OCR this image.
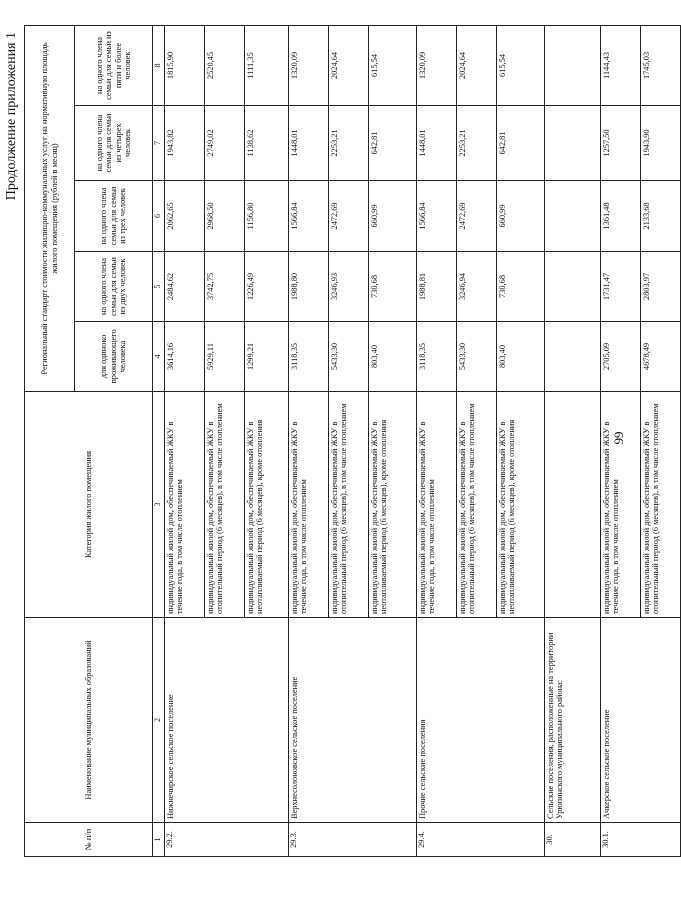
99
Продолжение приложения 1
№ п/п	Наименование муниципальных образований	Категория жилого помещения	Региональный стандарт стоимости жилищно-коммунальных услуг на нормативную площадь жилого помещения (рублей в месяц)				
			для одиноко проживающего человека	на одного члена семьи для семьи из двух человек	на одного члена семьи для семьи из трех человек	на одного члена семьи для семьи из четырех человек	на одного члена семьи для семьи из пяти и более человек
1	2	3	4	5	6	7	8
29.2.	Нижнечирское сельское поселение	индивидуальный жилой дом, обеспечиваемый ЖКУ в течение года, в том числе отоплением	3614,16	2484,62	2062,65	1943,82	1815,90
		индивидуальный жилой дом, обеспечиваемый ЖКУ в отопительный период (6 месяцев), в том числе отоплением	5929,11	3742,75	2968,50	2749,02	2520,45
		индивидуальный жилой дом, обеспечиваемый ЖКУ в неотапливаемый период (6 месяцев), кроме отопления	1299,21	1226,49	1156,80	1138,62	1111,35
29.3.	Верхнесолоновское сельское поселение	индивидуальный жилой дом, обеспечиваемый ЖКУ в течение года, в том числе отоплением	3118,35	1988,80	1566,84	1448,01	1320,09
		индивидуальный жилой дом, обеспечиваемый ЖКУ в отопительный период (6 месяцев), в том числе отоплением	5433,30	3246,93	2472,69	2253,21	2024,64
		индивидуальный жилой дом, обеспечиваемый ЖКУ в неотапливаемый период (6 месяцев), кроме отопления	803,40	730,68	660,99	642,81	615,54
29.4.	Прочие сельские поселения	индивидуальный жилой дом, обеспечиваемый ЖКУ в течение года, в том числе отоплением	3118,35	1988,81	1566,84	1448,01	1320,09
		индивидуальный жилой дом, обеспечиваемый ЖКУ в отопительный период (6 месяцев), в том числе отоплением	5433,30	3246,94	2472,69	2253,21	2024,64
		индивидуальный жилой дом, обеспечиваемый ЖКУ в неотапливаемый период (6 месяцев), кроме отопления	803,40	730,68	660,99	642,81	615,54
30.	Сельские поселения, расположенные на территории Урюпинского муниципального района:						
30.1.	Ачкерское сельское поселение	индивидуальный жилой дом, обеспечиваемый ЖКУ в течение года, в том числе отоплением	2705,09	1731,47	1361,48	1257,50	1144,43
		индивидуальный жилой дом, обеспечиваемый ЖКУ в отопительный период (6 месяцев), в том числе отоплением	4678,49	2803,97	2133,68	1943,90	1745,03
